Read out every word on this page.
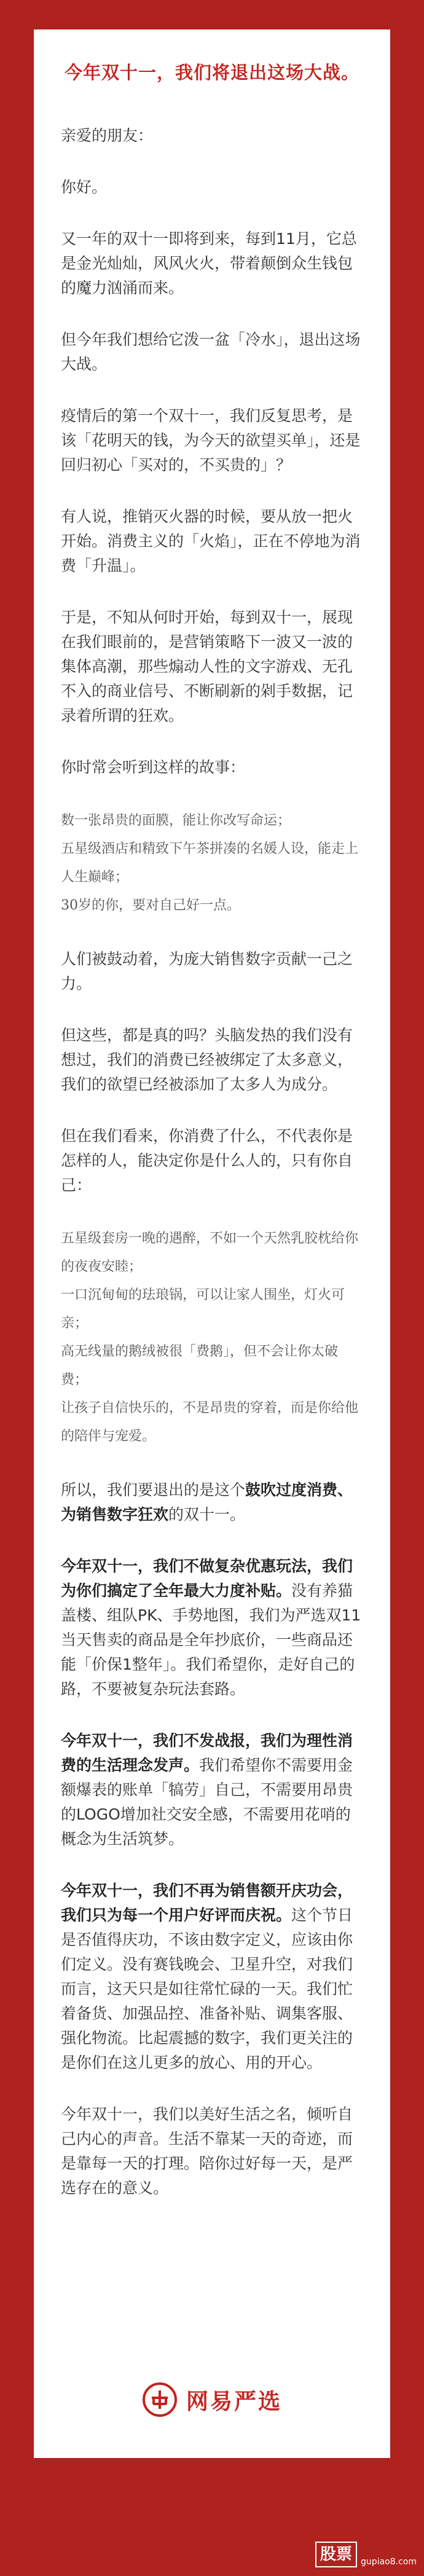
今年双十一，我们将退出这场大战。

亲爱的朋友：

你好。

又一年的双十一即将到来，每到11月，它总是金光灿灿，风风火火，带着颠倒众生钱包的魔力汹涌而来。

但今年我们想给它泼一盆「冷水」，退出这场大战。

疫情后的第一个双十一，我们反复思考，是该「花明天的钱，为今天的欲望买单」，还是回归初心「买对的，不买贵的」？

有人说，推销灭火器的时候，要从放一把火开始。消费主义的「火焰」，正在不停地为消费「升温」。

于是，不知从何时开始，每到双十一，展现在我们眼前的，是营销策略下一波又一波的集体高潮，那些煽动人性的文字游戏、无孔不入的商业信号、不断刷新的剁手数据，记录着所谓的狂欢。

你时常会听到这样的故事：

数一张昂贵的面膜，能让你改写命运；
五星级酒店和精致下午茶拼凑的名媛人设，能走上人生巅峰；
30岁的你，要对自己好一点。

人们被鼓动着，为庞大销售数字贡献一己之力。

但这些，都是真的吗？头脑发热的我们没有想过，我们的消费已经被绑定了太多意义，我们的欲望已经被添加了太多人为成分。

但在我们看来，你消费了什么，不代表你是怎样的人，能决定你是什么人的，只有你自己：

五星级套房一晚的遇醉，不如一个天然乳胶枕给你的夜夜安睦；
一口沉甸甸的珐琅锅，可以让家人围坐，灯火可亲；
高无线量的鹅绒被很「费鹅」，但不会让你太破费；
让孩子自信快乐的，不是昂贵的穿着，而是你给他的陪伴与宠爱。

所以，我们要退出的是这个鼓吹过度消费、为销售数字狂欢的双十一。

今年双十一，我们不做复杂优惠玩法，我们为你们搞定了全年最大力度补贴。没有养猫盖楼、组队PK、手势地图，我们为严选双11当天售卖的商品是全年抄底价，一些商品还能「价保1整年」。我们希望你，走好自己的路，不要被复杂玩法套路。

今年双十一，我们不发战报，我们为理性消费的生活理念发声。我们希望你不需要用金额爆表的账单「犒劳」自己，不需要用昂贵的LOGO增加社交安全感，不需要用花哨的概念为生活筑梦。

今年双十一，我们不再为销售额开庆功会，我们只为每一个用户好评而庆祝。这个节日是否值得庆功，不该由数字定义，应该由你们定义。没有赛钱晚会、卫星升空，对我们而言，这天只是如往常忙碌的一天。我们忙着备货、加强品控、准备补贴、调集客服、强化物流。比起震撼的数字，我们更关注的是你们在这儿更多的放心、用的开心。

今年双十一，我们以美好生活之名，倾听自己内心的声音。生活不靠某一天的奇迹，而是靠每一天的打理。陪你过好每一天，是严选存在的意义。

网易严选
股票	gupiao8.com
